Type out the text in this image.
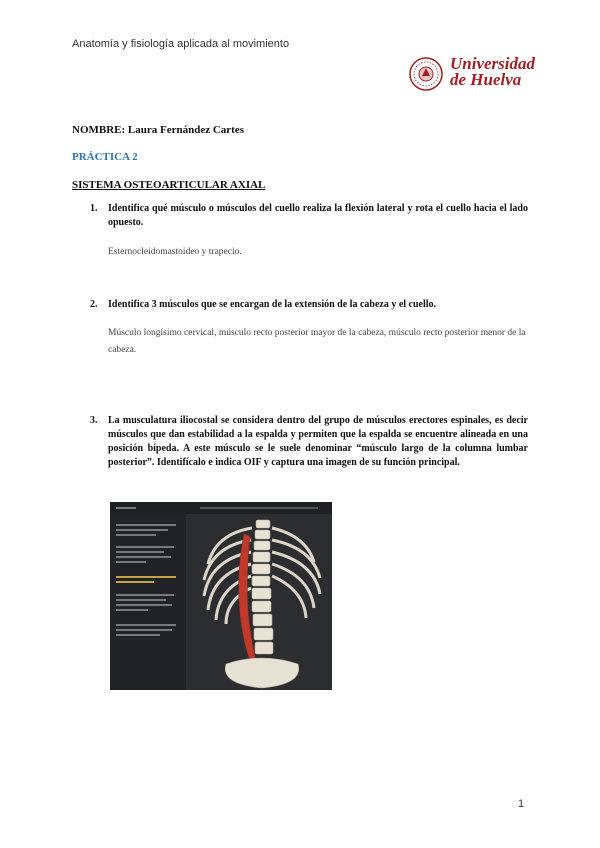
Anatomía y fisiología aplicada al movimiento
Universidad
de Huelva
NOMBRE: Laura Fernández Cartes
PRÁCTICA 2
SISTEMA OSTEOARTICULAR AXIAL
1. Identifica qué músculo o músculos del cuello realiza la flexión lateral y rota el cuello hacia el lado opuesto.
Esternocleidomastoideo y trapecio.
2. Identifica 3 músculos que se encargan de la extensión de la cabeza y el cuello.
Músculo longísimo cervical, músculo recto posterior mayor de la cabeza, músculo recto posterior menor de la cabeza.
3. La musculatura iliocostal se considera dentro del grupo de músculos erectores espinales, es decir músculos que dan estabilidad a la espalda y permiten que la espalda se encuentre alineada en una posición bípeda. A este músculo se le suele denominar “músculo largo de la columna lumbar posterior”. Identifícalo e indica OIF y captura una imagen de su función principal.
1
